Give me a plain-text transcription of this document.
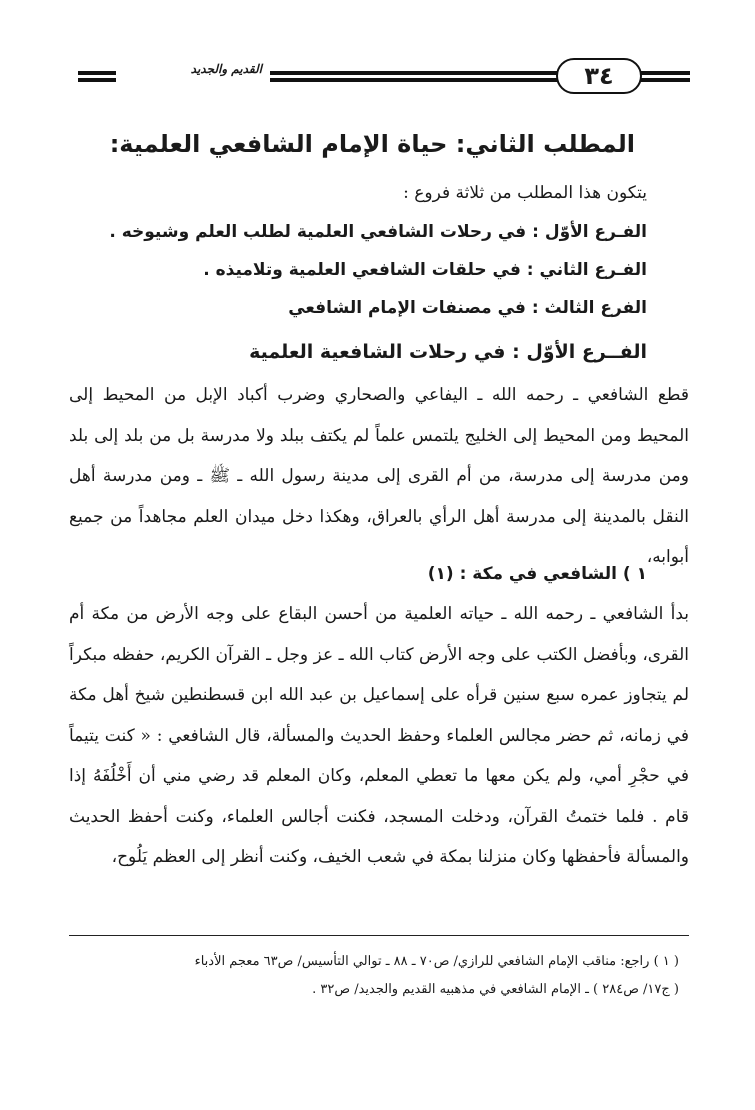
٣٤
القديم والجديد
المطلب الثاني: حياة الإمام الشافعي العلمية:
يتكون هذا المطلب من ثلاثة فروع :
الفـرع الأوّل : في رحلات الشافعي العلمية لطلب العلم وشيوخه .
الفـرع الثاني : في حلقات الشافعي العلمية وتلاميذه .
الفرع الثالث : في مصنفات الإمام الشافعي
الفــرع الأوّل : في رحلات الشافعية العلمية

قطع الشافعي ـ رحمه الله ـ اليفاعي والصحاري وضرب أكباد الإبل من المحيط إلى المحيط ومن المحيط إلى الخليج يلتمس علماً لم يكتف ببلد ولا مدرسة بل من بلد إلى بلد ومن مدرسة إلى مدرسة، من أم القرى إلى مدينة رسول الله ـ ﷺ ـ ومن مدرسة أهل النقل بالمدينة إلى مدرسة أهل الرأي بالعراق، وهكذا دخل ميدان العلم مجاهداً من جميع أبوابه،

١ ) الشافعي في مكة : (١)

بدأ الشافعي ـ رحمه الله ـ حياته العلمية من أحسن البقاع على وجه الأرض من مكة أم القرى، وبأفضل الكتب على وجه الأرض كتاب الله ـ عز وجل ـ القرآن الكريم، حفظه مبكراً لم يتجاوز عمره سبع سنين قرأه على إسماعيل بن عبد الله ابن قسطنطين شيخ أهل مكة في زمانه، ثم حضر مجالس العلماء وحفظ الحديث والمسألة، قال الشافعي : « كنت يتيماً في حجْرِ أمي، ولم يكن معها ما تعطي المعلم، وكان المعلم قد رضي مني أن أَخْلُفَهُ إذا قام . فلما ختمتُ القرآن، ودخلت المسجد، فكنت أجالس العلماء، وكنت أحفظ الحديث والمسألة فأحفظها وكان منزلنا بمكة في شعب الخيف، وكنت أنظر إلى العظم يَلُوح،

( ١ ) راجع: مناقب الإمام الشافعي للرازي/ ص٧٠ ـ ٨٨ ـ توالي التأسيس/ ص٦٣ معجم الأدباء

( ج١٧/ ص٢٨٤ ) ـ الإمام الشافعي في مذهبيه القديم والجديد/ ص٣٢ .
